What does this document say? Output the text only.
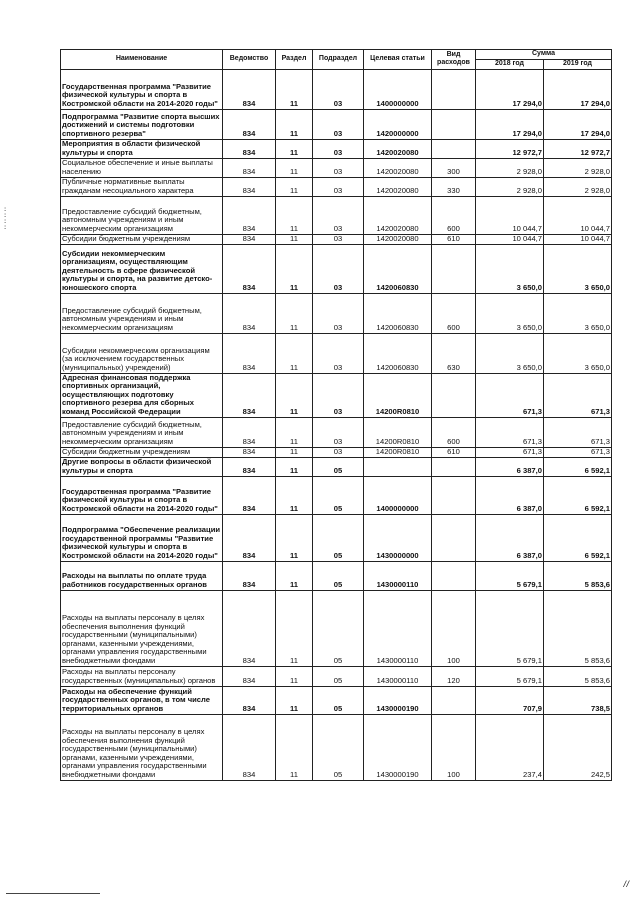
Наименование	Ведомство	Раздел	Подраздел	Целевая статьи	Вид расходов	Сумма	
						2018 год	2019 год
Государственная программа "Развитие физической культуры и спорта в Костромской области на 2014-2020 годы"	834	11	03	1400000000		17 294,0	17 294,0
Подпрограмма "Развитие спорта высших достижений и системы подготовки спортивного резерва"	834	11	03	1420000000		17 294,0	17 294,0
Мероприятия в области физической культуры и спорта	834	11	03	1420020080		12 972,7	12 972,7
Социальное обеспечение и иные выплаты населению	834	11	03	1420020080	300	2 928,0	2 928,0
Публичные нормативные выплаты гражданам несоциального характера	834	11	03	1420020080	330	2 928,0	2 928,0
Предоставление субсидий бюджетным, автономным учреждениям и иным некоммерческим организациям	834	11	03	1420020080	600	10 044,7	10 044,7
Субсидии бюджетным учреждениям	834	11	03	1420020080	610	10 044,7	10 044,7
Субсидии некоммерческим организациям, осуществляющим деятельность в сфере физической культуры и спорта, на развитие детско-юношеского спорта	834	11	03	1420060830		3 650,0	3 650,0
Предоставление субсидий бюджетным, автономным учреждениям и иным некоммерческим организациям	834	11	03	1420060830	600	3 650,0	3 650,0
Субсидии некоммерческим организациям (за исключением государственных (муниципальных) учреждений)	834	11	03	1420060830	630	3 650,0	3 650,0
Адресная финансовая поддержка спортивных организаций, осуществляющих подготовку спортивного резерва для сборных команд Российской Федерации	834	11	03	14200R0810		671,3	671,3
Предоставление субсидий бюджетным, автономным учреждениям и иным некоммерческим организациям	834	11	03	14200R0810	600	671,3	671,3
Субсидии бюджетным учреждениям	834	11	03	14200R0810	610	671,3	671,3
Другие вопросы в области физической культуры и спорта	834	11	05			6 387,0	6 592,1
Государственная программа "Развитие физической культуры и спорта в Костромской области на 2014-2020 годы"	834	11	05	1400000000		6 387,0	6 592,1
Подпрограмма "Обеспечение реализации государственной программы "Развитие физической культуры и спорта в Костромской области на 2014-2020 годы"	834	11	05	1430000000		6 387,0	6 592,1
Расходы на выплаты по оплате труда работников государственных органов	834	11	05	1430000110		5 679,1	5 853,6
Расходы на выплаты персоналу в целях обеспечения выполнения функций государственными (муниципальными) органами, казенными учреждениями, органами управления государственными внебюджетными фондами	834	11	05	1430000110	100	5 679,1	5 853,6
Расходы на выплаты персоналу государственных (муниципальных) органов	834	11	05	1430000110	120	5 679,1	5 853,6
Расходы на обеспечение функций государственных органов, в том числе территориальных органов	834	11	05	1430000190		707,9	738,5
Расходы на выплаты персоналу в целях обеспечения выполнения функций государственными (муниципальными) органами, казенными учреждениями, органами управления государственными внебюджетными фондами	834	11	05	1430000190	100	237,4	242,5
:
:
:
:
/ /
